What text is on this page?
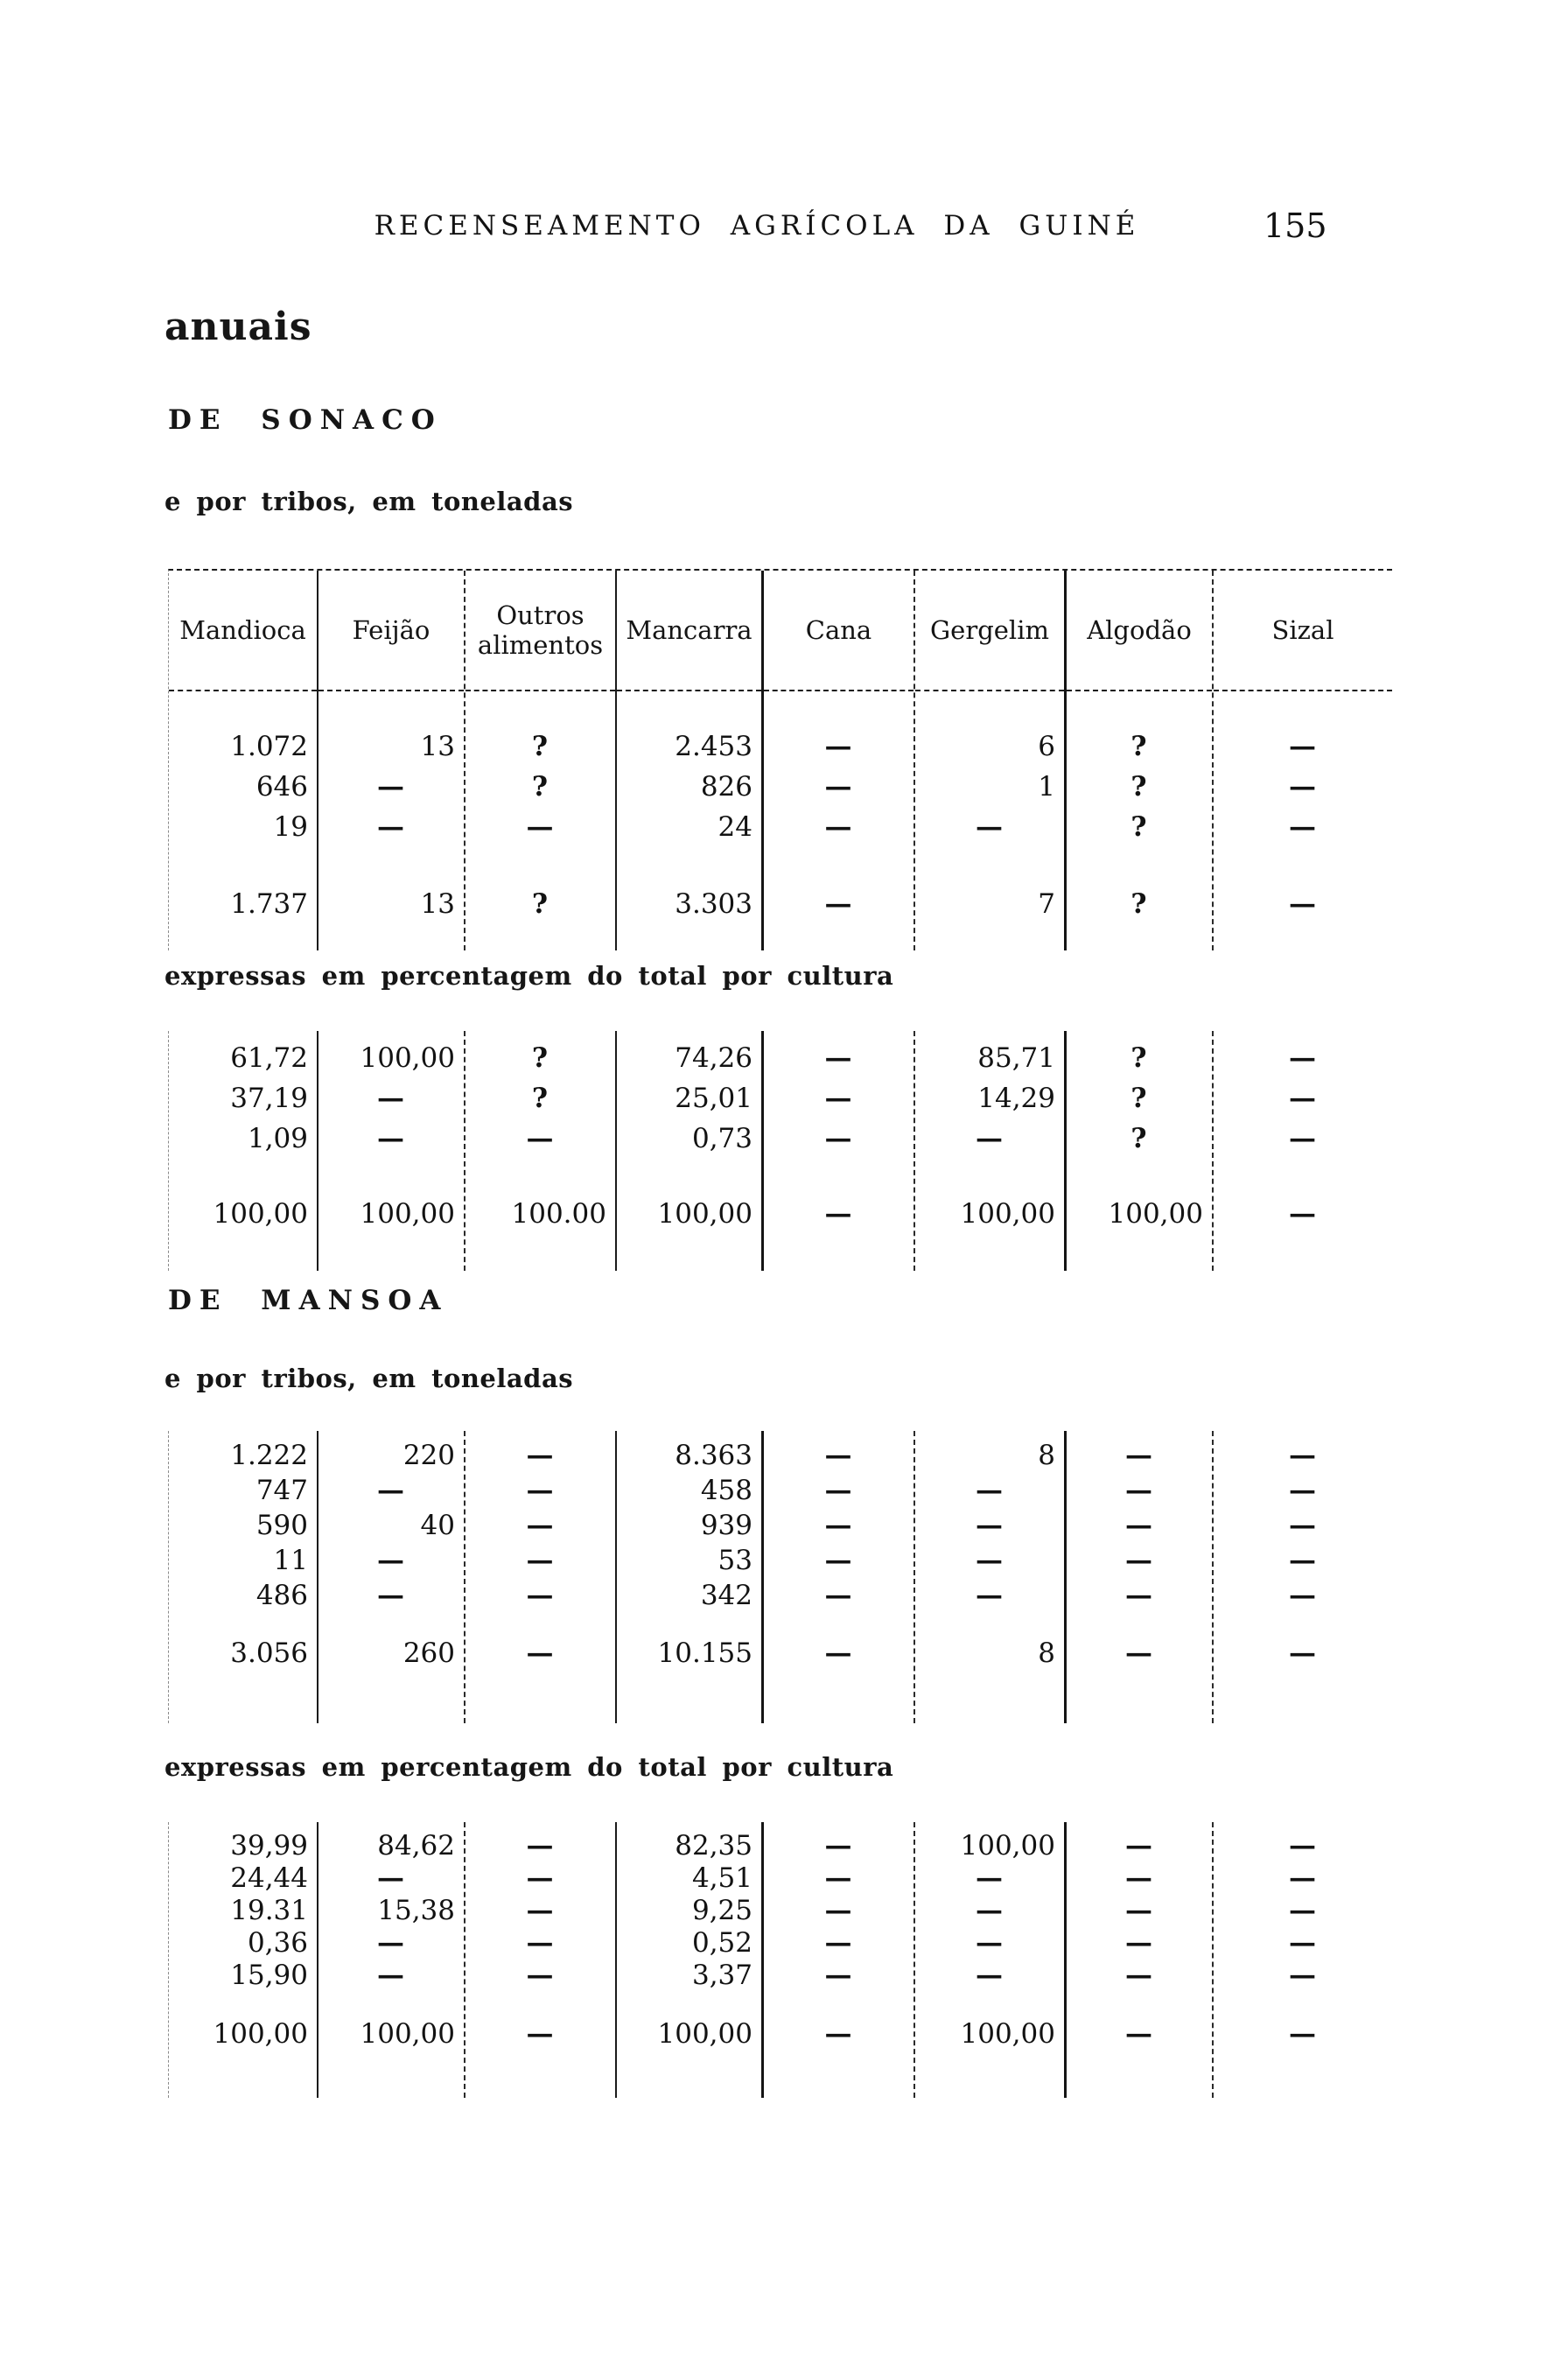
RECENSEAMENTO AGRÍCOLA DA GUINÉ	155
anuais
DE SONACO
e por tribos, em toneladas
Mandioca
1.072
646
19
1.737
Feijão
13
—
—
13
Outros alimentos
?
?
—
?
Mancarra
2.453
826
24
3.303
Cana
—
—
—
—
Gergelim
6
1
—
7
Algodão
?
?
?
?
Sizal
—
—
—
—
expressas em percentagem do total por cultura
61,72
37,19
1,09
100,00
100,00
—
—
100,00
?
?
—
100.00
74,26
25,01
0,73
100,00
—
—
—
—
85,71
14,29
—
100,00
?
?
?
100,00
—
—
—
—
DE MANSOA
e por tribos, em toneladas
1.222
747
590
11
486
3.056
220
—
40
—
—
260
—
—
—
—
—
—
8.363
458
939
53
342
10.155
—
—
—
—
—
—
8
—
—
—
—
8
—
—
—
—
—
—
—
—
—
—
—
—
expressas em percentagem do total por cultura
39,99
24,44
19.31
0,36
15,90
100,00
84,62
—
15,38
—
—
100,00
—
—
—
—
—
—
82,35
4,51
9,25
0,52
3,37
100,00
—
—
—
—
—
—
100,00
—
—
—
—
100,00
—
—
—
—
—
—
—
—
—
—
—
—
